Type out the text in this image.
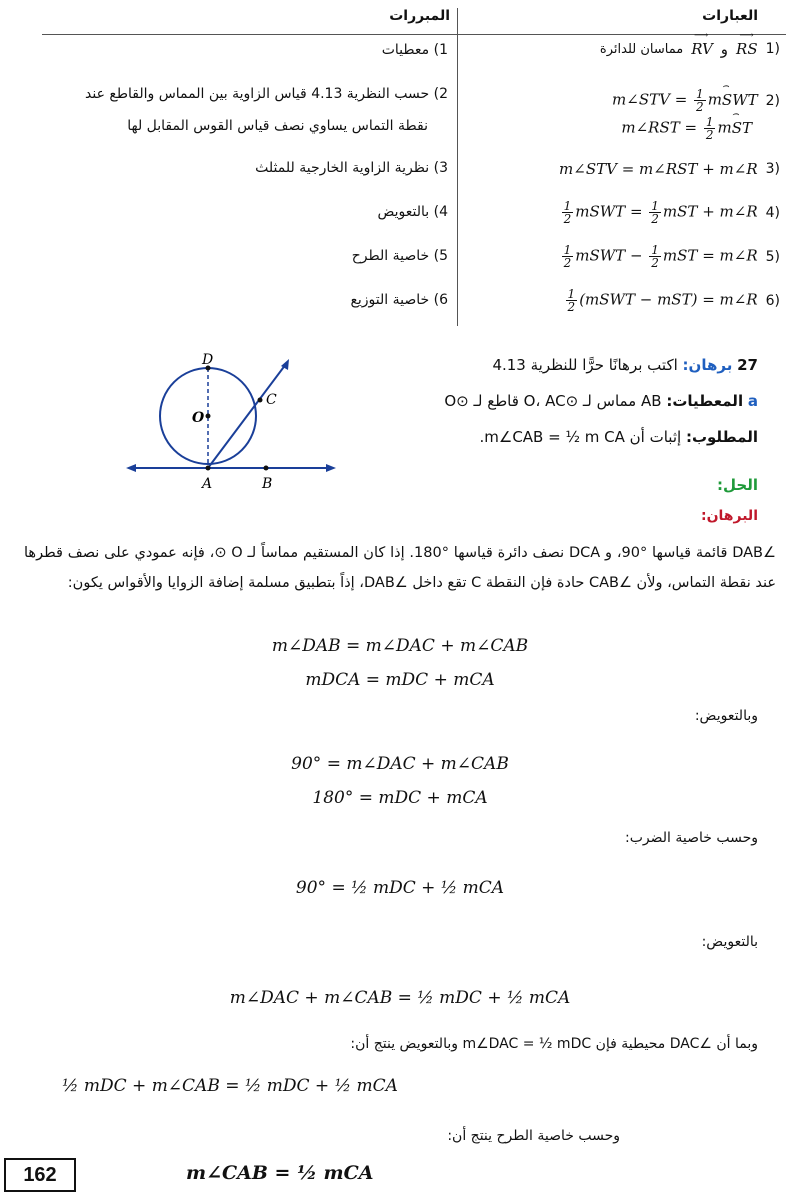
العبارات
المبررات
مماسان للدائرة RV
⟶
و RS
⟶
1)
m∠STV = $\frac{1}{2}$ mSWT
⌢
2)
m∠RST = $\frac{1}{2}$ mST
⌢
m∠STV = m∠RST + m∠R 3)
$\frac{1}{2}$ mSWT = $\frac{1}{2}$ mST + m∠R 4)
$\frac{1}{2}$ mSWT − $\frac{1}{2}$ mST = m∠R 5)
$\frac{1}{2}$ (mSWT − mST) = m∠R 6)
1) معطيات
2) حسب النظرية 4.13 قياس الزاوية بين المماس والقاطع عند
نقطة التماس يساوي نصف قياس القوس المقابل لها
3) نظرية الزاوية الخارجية للمثلث
4) بالتعويض
5) خاصية الطرح
6) خاصية التوزيع
27 برهان: اكتب برهانًا حرًّا للنظرية 4.13
a المعطيات: AB مماس لـ ⊙O، AC قاطع لـ ⊙O
المطلوب: إثبات أن m∠CAB = ½ m CA.
D
O
C
A	B	الحل:
البرهان:
∠DAB قائمة قياسها °90، و DCA نصف دائرة قياسها °180. إذا كان المستقيم مماساً لـ O ⊙، فإنه عمودي على نصف قطرها عند نقطة التماس، ولأن ∠CAB حادة فإن النقطة C تقع داخل ∠DAB، إذاً بتطبيق مسلمة إضافة الزوايا والأقواس يكون:
m∠DAB = m∠DAC + m∠CAB
mDCA = mDC + mCA
وبالتعويض:
90° = m∠DAC + m∠CAB
180° = mDC + mCA
وحسب خاصية الضرب:
90° = ½ mDC + ½ mCA
بالتعويض:
m∠DAC + m∠CAB = ½ mDC + ½ mCA
وبما أن ∠DAC محيطية فإن m∠DAC = ½ mDC وبالتعويض ينتج أن:
½ mDC + m∠CAB = ½ mDC + ½ mCA
وحسب خاصية الطرح ينتج أن:
m∠CAB = ½ mCA
162
